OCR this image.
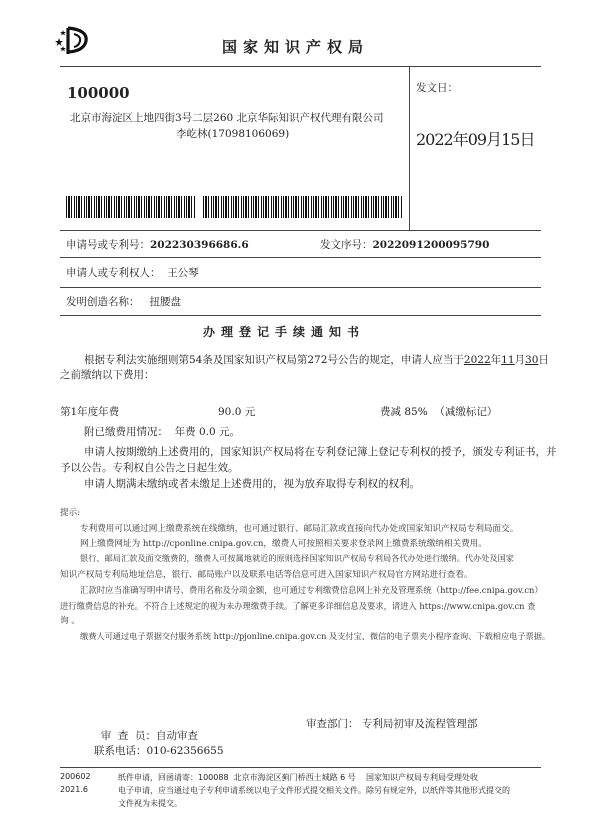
国家知识产权局
100000
北京市海淀区上地四街3号二层260 北京华际知识产权代理有限公司
李屹林(17098106069)
发文日：
2022年09月15日
申请号或专利号：202230396686.6	发文序号：2022091200095790
申请人或专利权人： 王公琴
发明创造名称： 扭腰盘
办理登记手续通知书
根据专利法实施细则第54条及国家知识产权局第272号公告的规定，申请人应当于2022年11月30日
之前缴纳以下费用：
第1年度年费	90.0 元	费减 85%  （减缴标记）
附已缴费用情况：  年费 0.0 元。
申请人按期缴纳上述费用的，国家知识产权局将在专利登记簿上登记专利权的授予，颁发专利证书，并
予以公告。专利权自公告之日起生效。
申请人期满未缴纳或者未缴足上述费用的，视为放弃取得专利权的权利。
提示:
专利费用可以通过网上缴费系统在线缴纳，也可通过银行、邮局汇款或直接向代办处或国家知识产权局专利局面交。
网上缴费网址为 http://cponline.cnipa.gov.cn，缴费人可按照相关要求登录网上缴费系统缴纳相关费用。
银行、邮局汇款及面交缴费的，缴费人可按属地就近的原则选择国家知识产权局专利局各代办处进行缴纳。代办处及国家
知识产权局专利局地址信息，银行、邮局账户以及联系电话等信息可进入国家知识产权局官方网站进行查看。
汇款时应当准确写明申请号、费用名称及分项金额，也可通过专利缴费信息网上补充及管理系统（http://fee.cnipa.gov.cn）
进行缴费信息的补充。不符合上述规定的视为未办理缴费手续。了解更多详细信息及要求，请进入 https://www.cnipa.gov.cn 查
询 。
缴费人可通过电子票据交付服务系统 http://pjonline.cnipa.gov.cn 及支付宝、微信的电子票夹小程序查询、下载相应电子票据。

审  查  员：自动审查

审查部门： 专利局初审及流程管理部
联系电话：010-62356655
200602
2021.6
纸件申请，回函请寄：100088  北京市海淀区蓟门桥西土城路 6 号    国家知识产权局专利局受理处收
电子申请，应当通过电子专利申请系统以电子文件形式提交相关文件。除另有规定外，以纸件等其他形式提交的
文件视为未提交。
